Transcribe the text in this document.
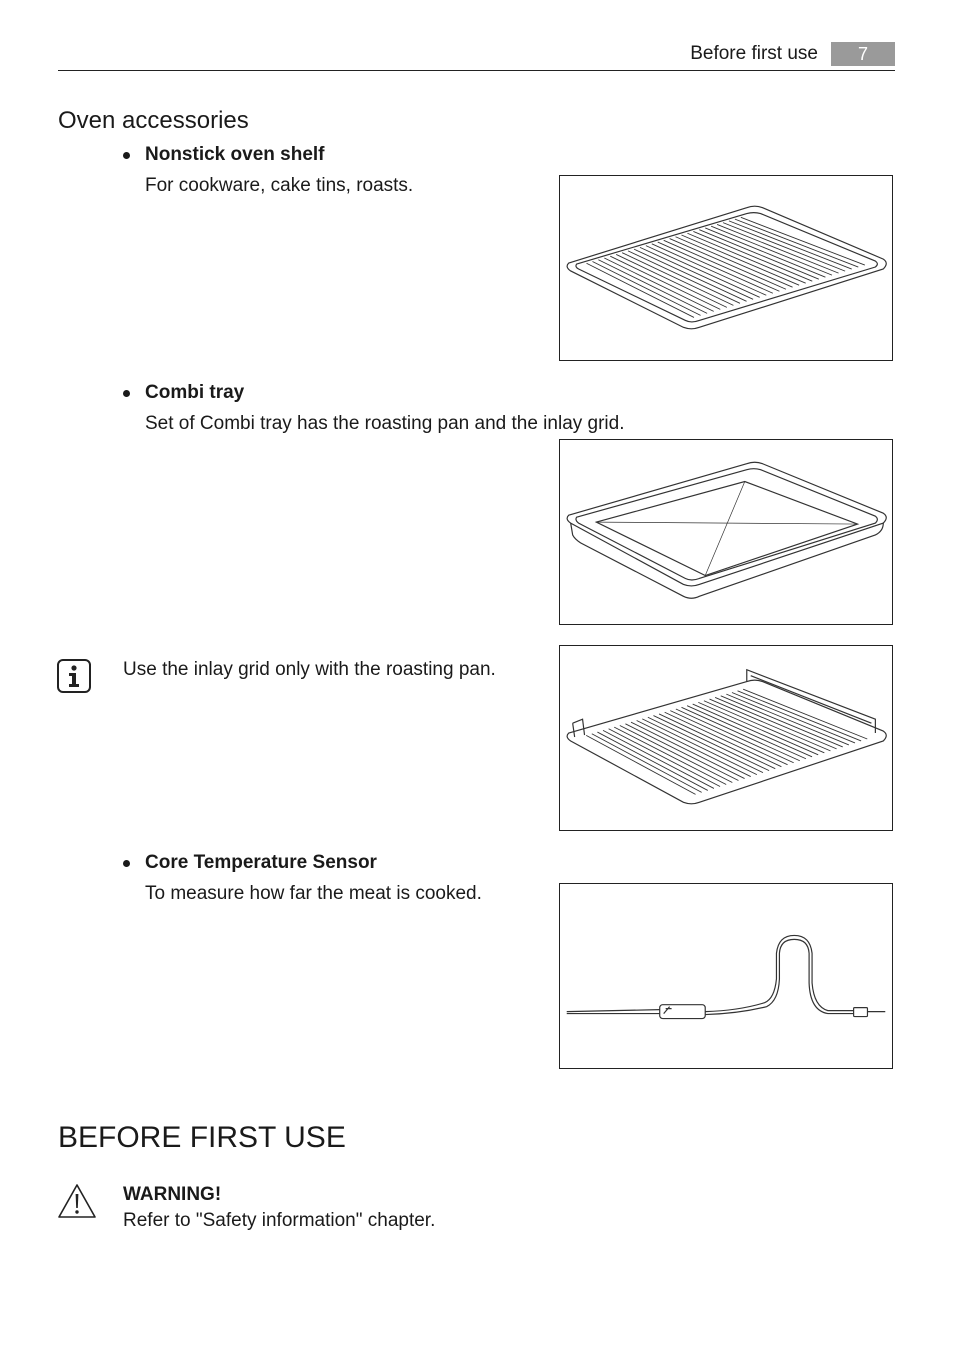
Before first use	7
Oven accessories
Nonstick oven shelf
For cookware, cake tins, roasts.
Combi tray
Set of Combi tray has the roasting pan and the inlay grid.
Use the inlay grid only with the roasting pan.
Core Temperature Sensor
To measure how far the meat is cooked.
BEFORE FIRST USE
WARNING!
Refer to "Safety information" chapter.
